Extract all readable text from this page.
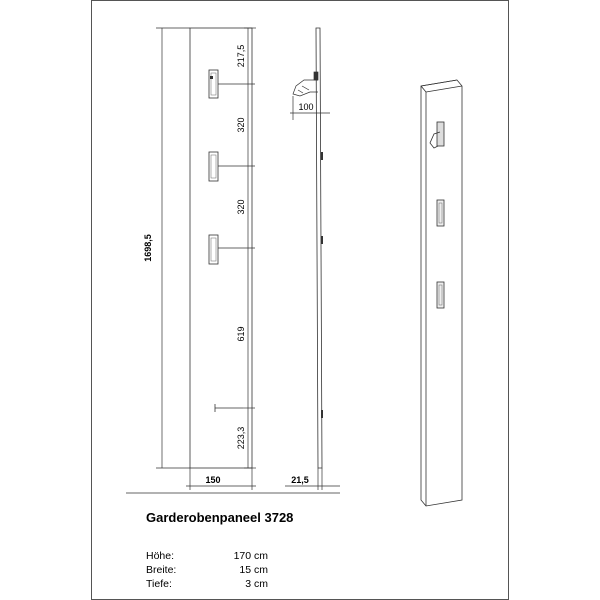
217,5
320
320
619
223,3
1698,5
150
100
21,5
Garderobenpaneel 3728
Höhe:	170 cm
Breite:	15 cm
Tiefe:	3 cm
